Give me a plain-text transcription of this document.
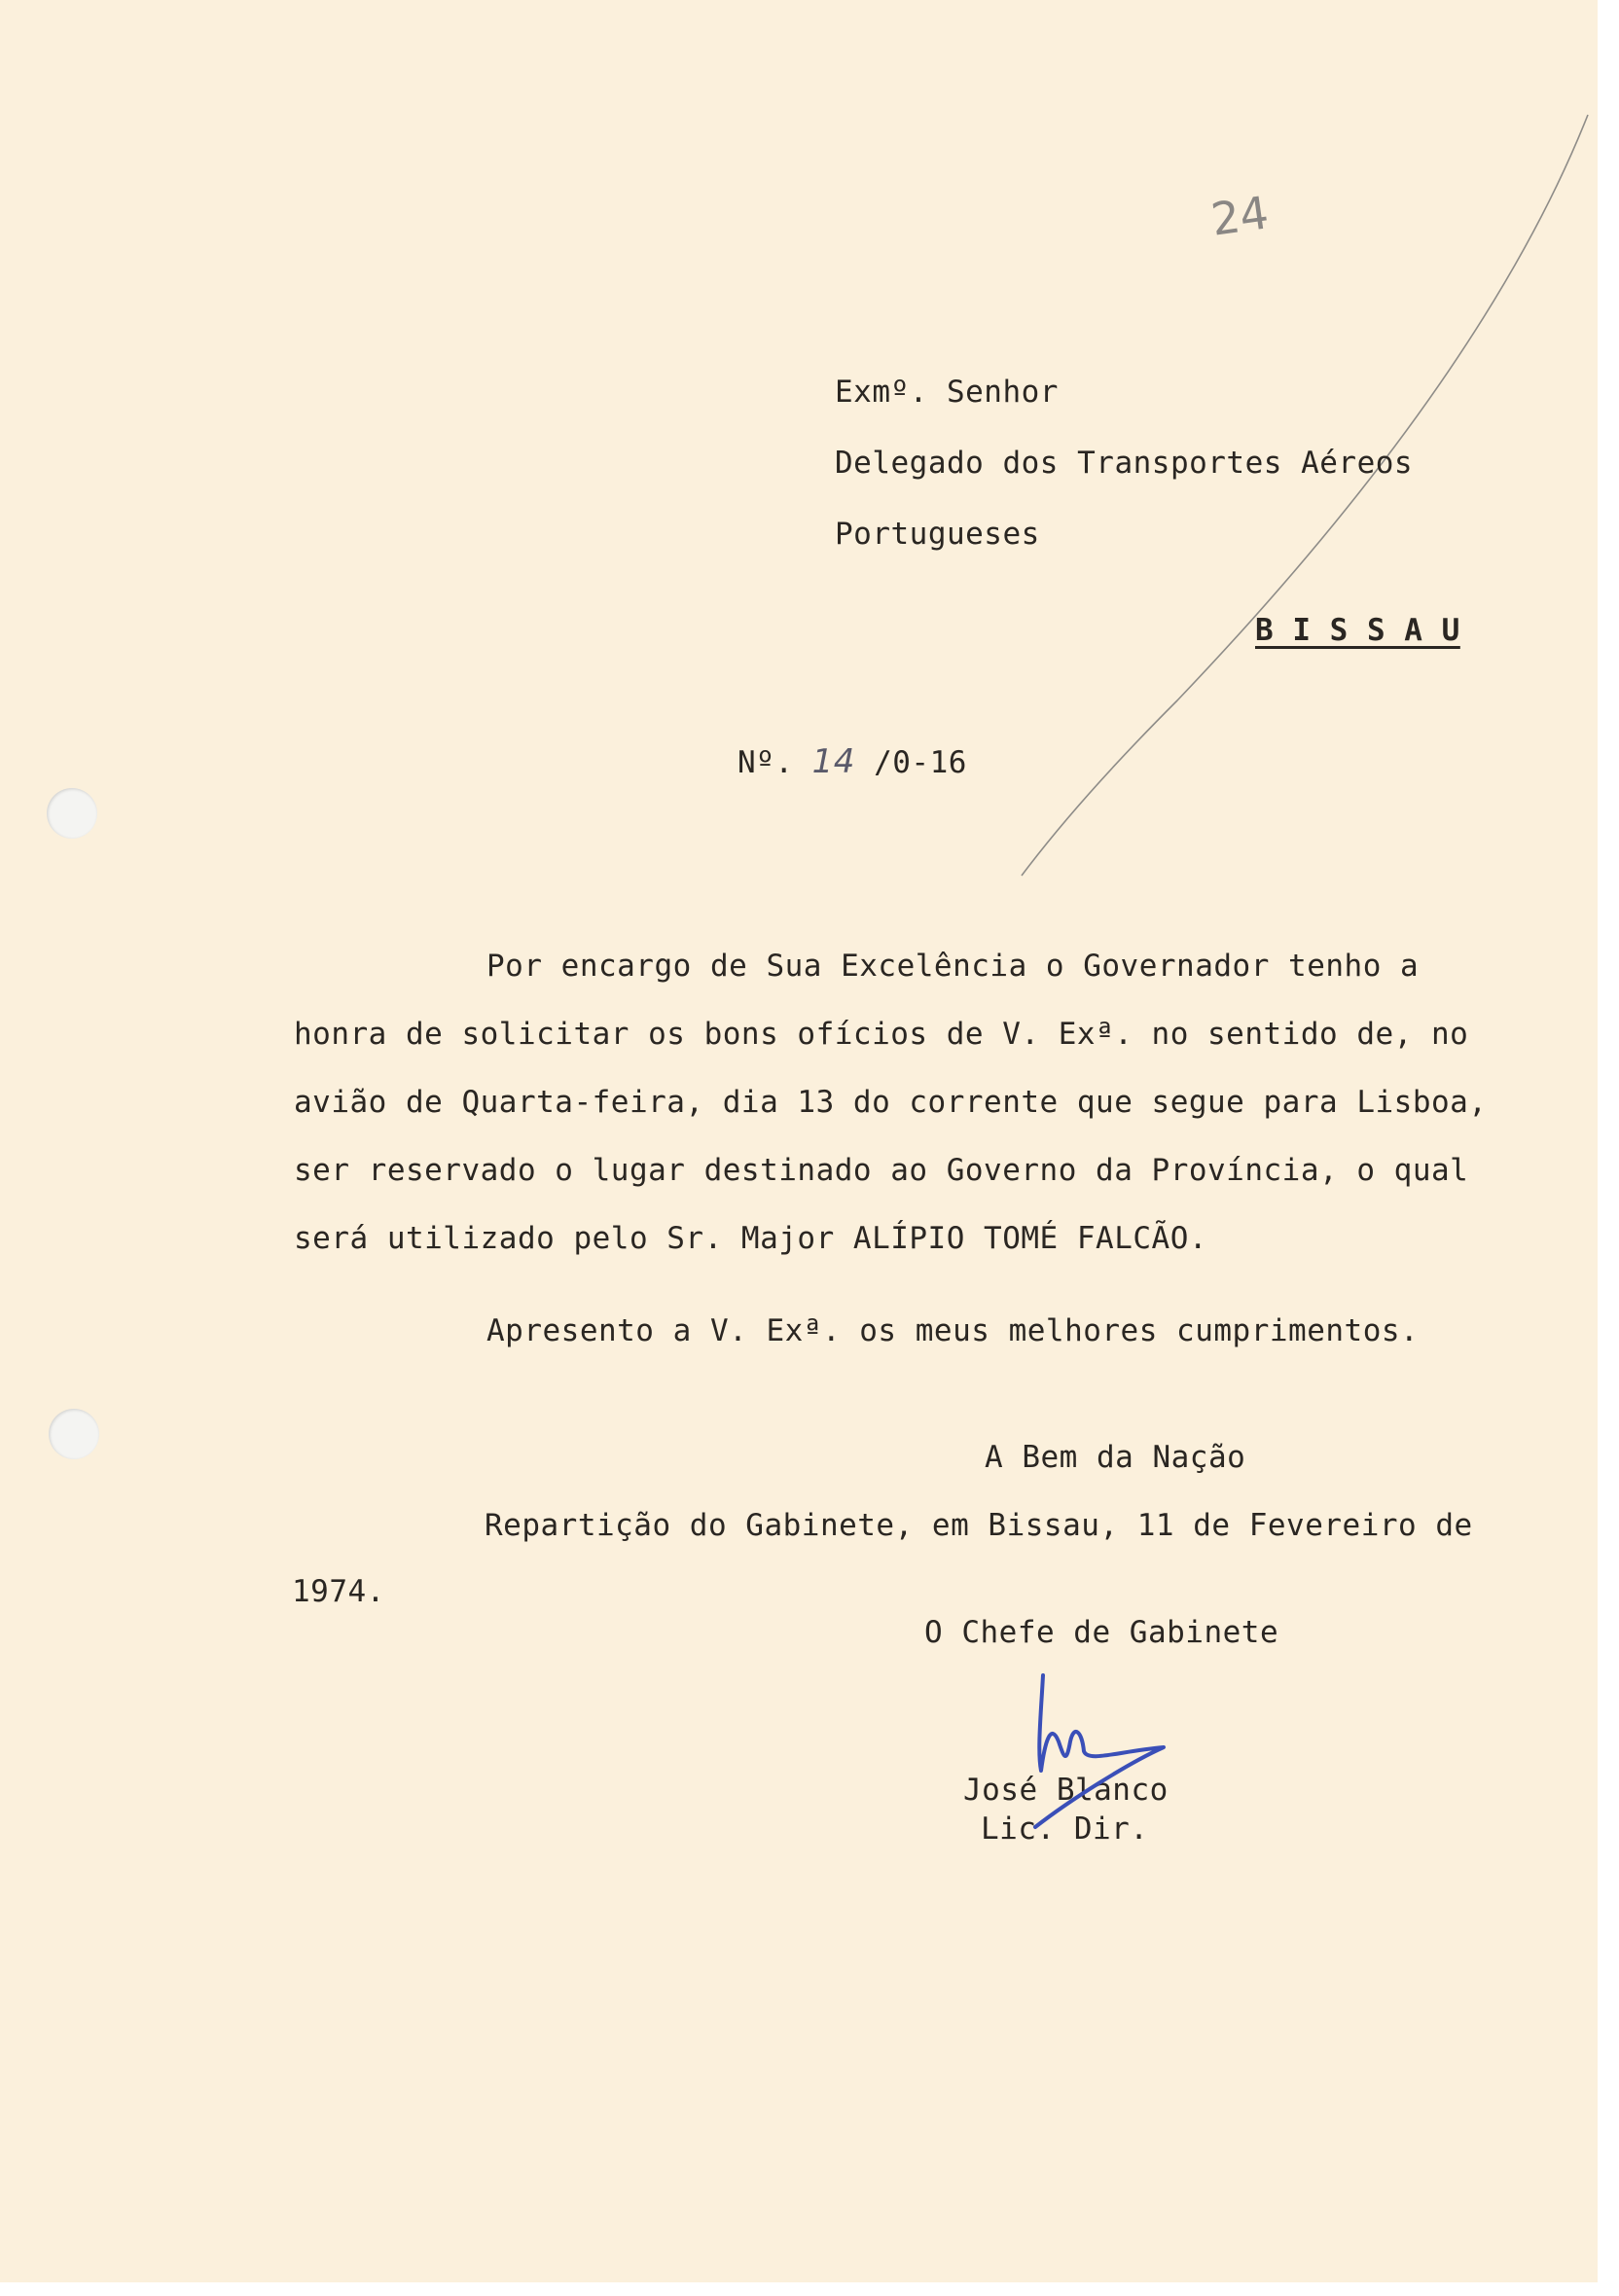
24
Exmº. Senhor
Delegado dos Transportes Aéreos
Portugueses
B I S S A U
Nº. 14 /0-16
Por encargo de Sua Excelência o Governador tenho a
honra de solicitar os bons ofícios de V. Exª. no sentido de, no
avião de Quarta-feira, dia 13 do corrente que segue para Lisboa,
ser reservado o lugar destinado ao Governo da Província, o qual
será utilizado pelo Sr. Major ALÍPIO TOMÉ FALCÃO.
Apresento a V. Exª. os meus melhores cumprimentos.
A Bem da Nação
Repartição do Gabinete, em Bissau, 11 de Fevereiro de
1974.
O Chefe de Gabinete
José Blanco
Lic. Dir.
